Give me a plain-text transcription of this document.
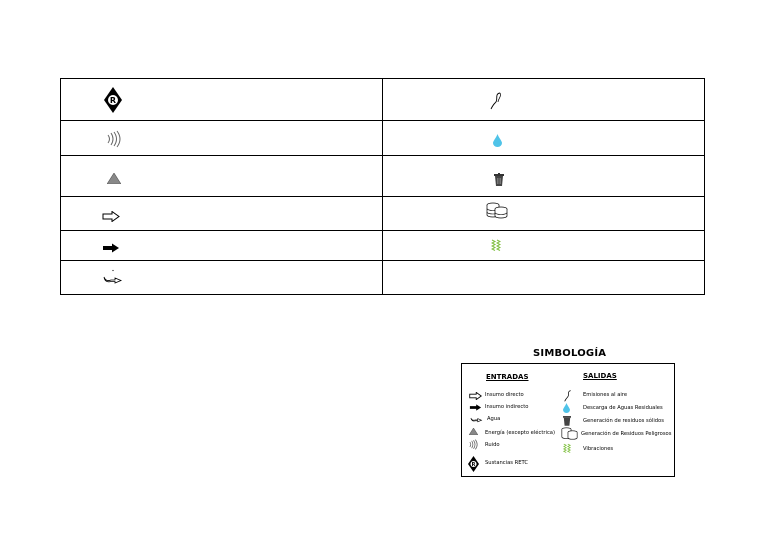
R

SIMBOLOGÍA
ENTRADAS	SALIDAS
Insumo directo
Insumo indirecto
Agua
Energía (excepto eléctrica)
Ruido
R Sustancias RETC
Emisiones al aire
Descarga de Aguas Residuales
Generación de residuos sólidos
Generación de Residuos Peligrosos
Vibraciones
